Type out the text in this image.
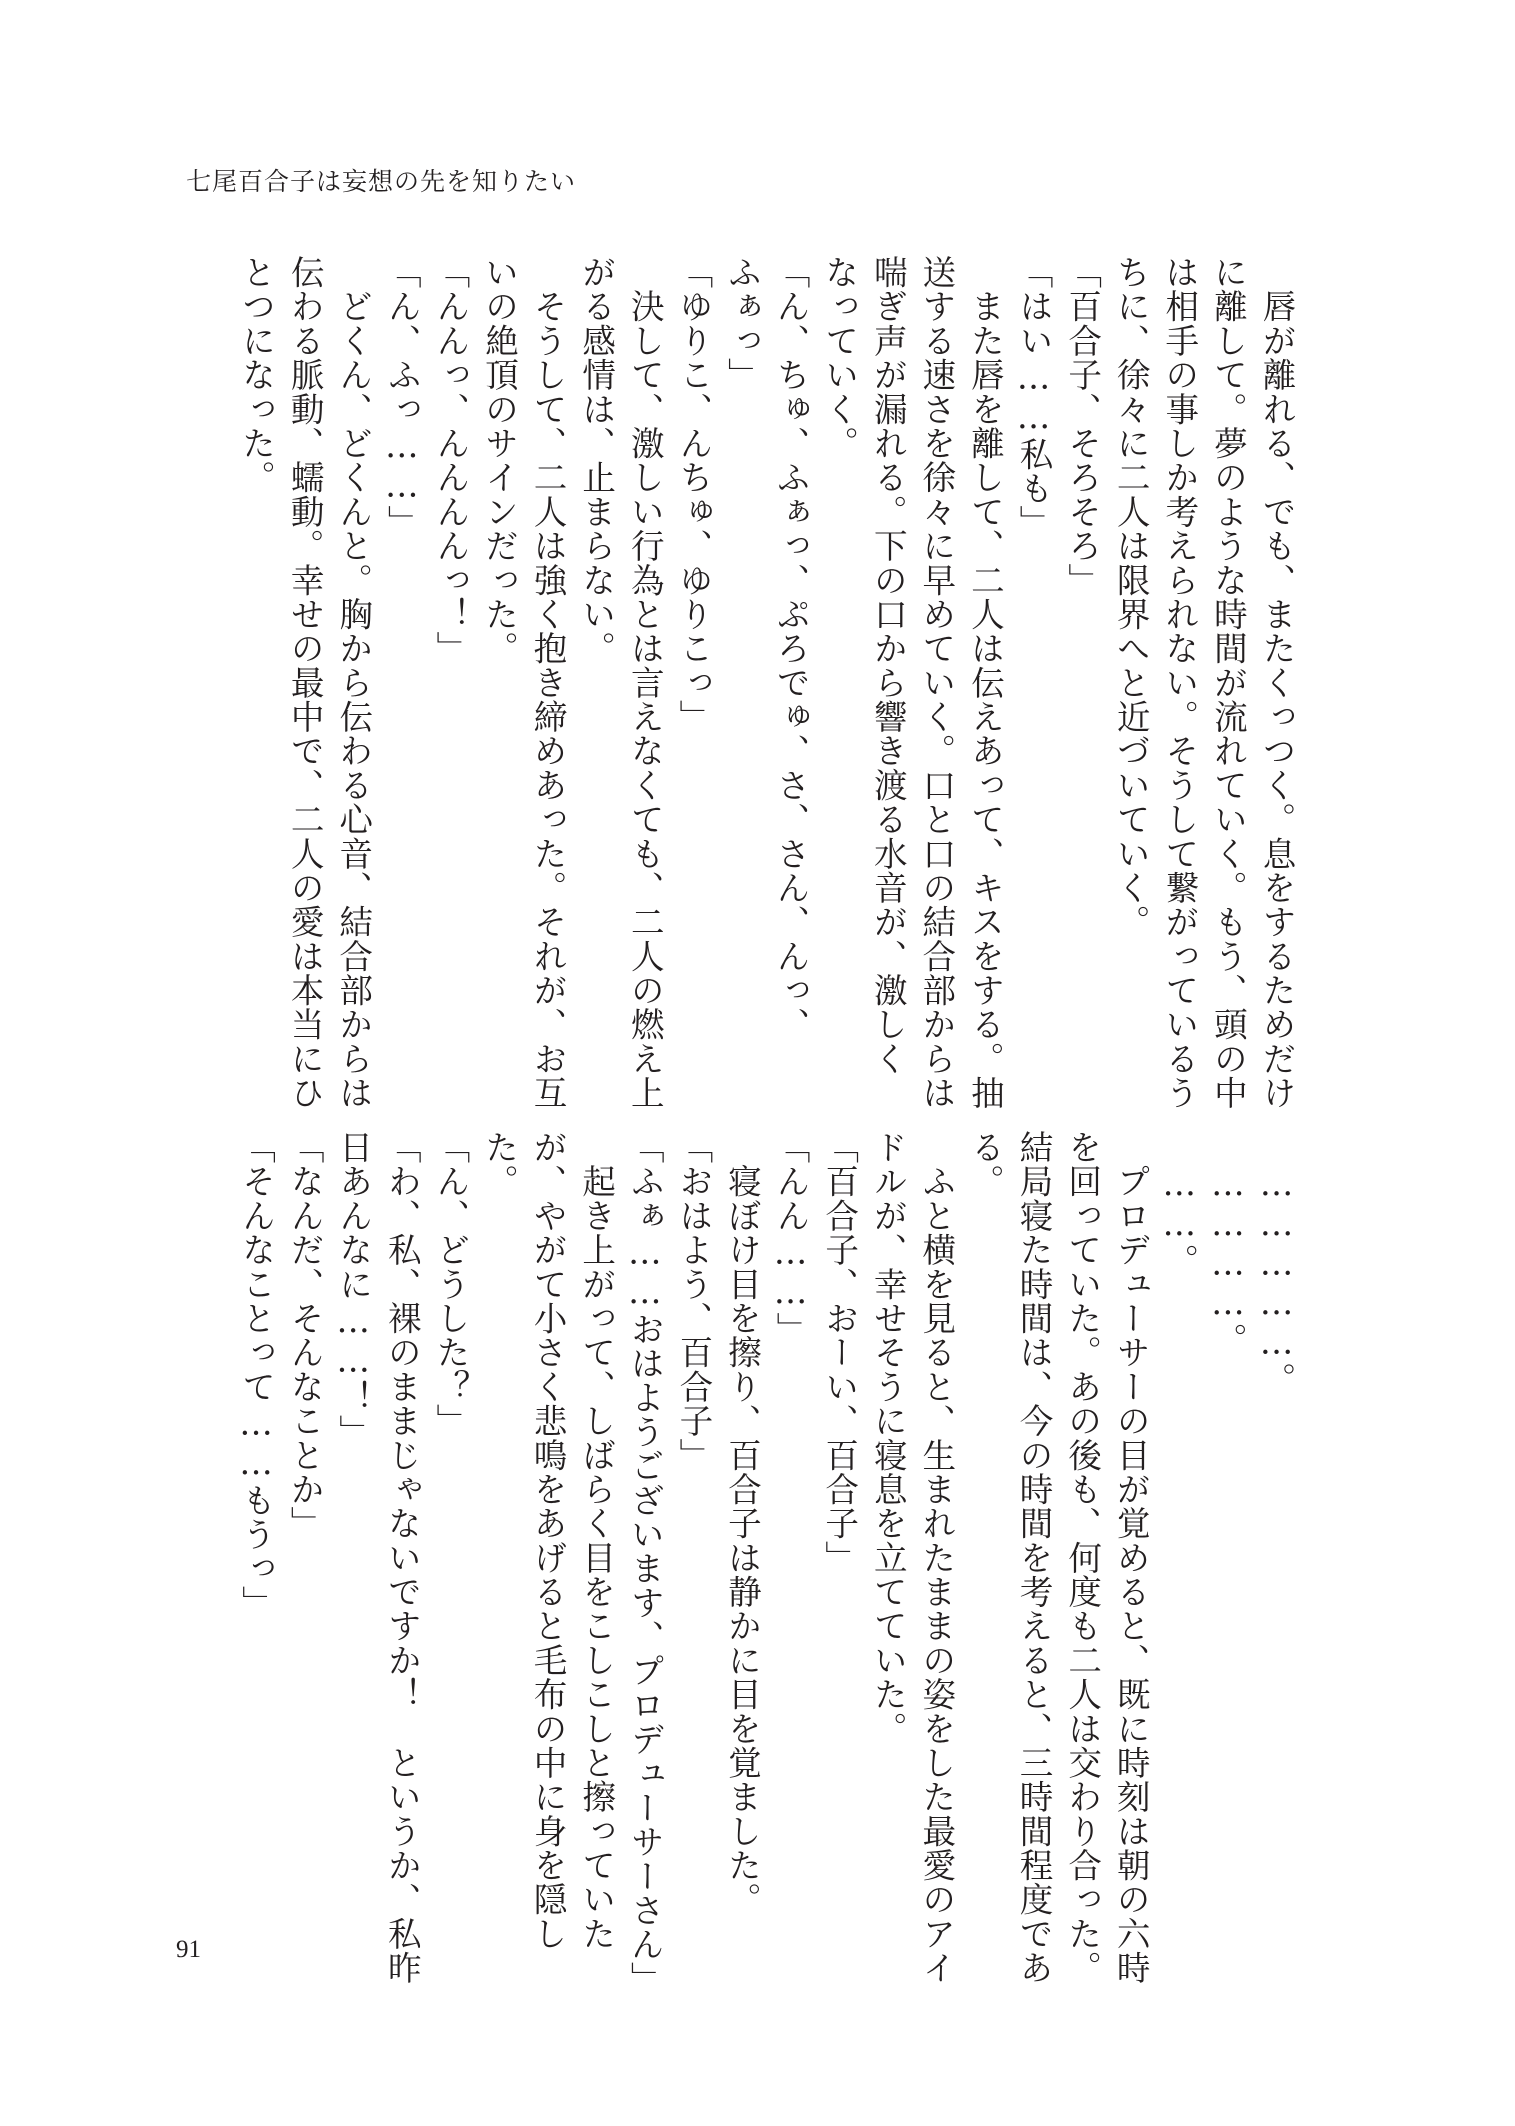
七尾百合子は妄想の先を知りたい
　唇が離れる、でも、またくっつく。息をするためだけ
に離して。夢のような時間が流れていく。もう、頭の中
は相手の事しか考えられない。そうして繋がっているう
ちに、徐々に二人は限界へと近づいていく。
「百合子、そろそろ」
「はい……私も」
　また唇を離して、二人は伝えあって、キスをする。抽
送する速さを徐々に早めていく。口と口の結合部からは
喘ぎ声が漏れる。下の口から響き渡る水音が、激しく
なっていく。
「ん、ちゅ、ふぁっ、ぷろでゅ、さ、さん、んっ、
ふぁっ」
「ゆりこ、んちゅ、ゆりこっ」
　決して、激しい行為とは言えなくても、二人の燃え上
がる感情は、止まらない。
　そうして、二人は強く抱き締めあった。それが、お互
いの絶頂のサインだった。
「んんっ、んんんんっ！」
「ん、ふっ……」
　どくん、どくんと。胸から伝わる心音、結合部からは
伝わる脈動、蠕動。幸せの最中で、二人の愛は本当にひ
とつになった。
　……………。
　…………。
　……。
　プロデューサーの目が覚めると、既に時刻は朝の六時
を回っていた。あの後も、何度も二人は交わり合った。
結局寝た時間は、今の時間を考えると、三時間程度であ
る。
　ふと横を見ると、生まれたままの姿をした最愛のアイ
ドルが、幸せそうに寝息を立てていた。
「百合子、おーい、百合子」
「んん……」
　寝ぼけ目を擦り、百合子は静かに目を覚ました。
「おはよう、百合子」
「ふぁ……おはようございます、プロデューサーさん」
　起き上がって、しばらく目をこしこしと擦っていた
が、やがて小さく悲鳴をあげると毛布の中に身を隠し
た。
「ん、どうした？」
「わ、私、裸のままじゃないですか！　というか、私昨
日あんなに……！」
「なんだ、そんなことか」
「そんなことって……もうっ」
91
